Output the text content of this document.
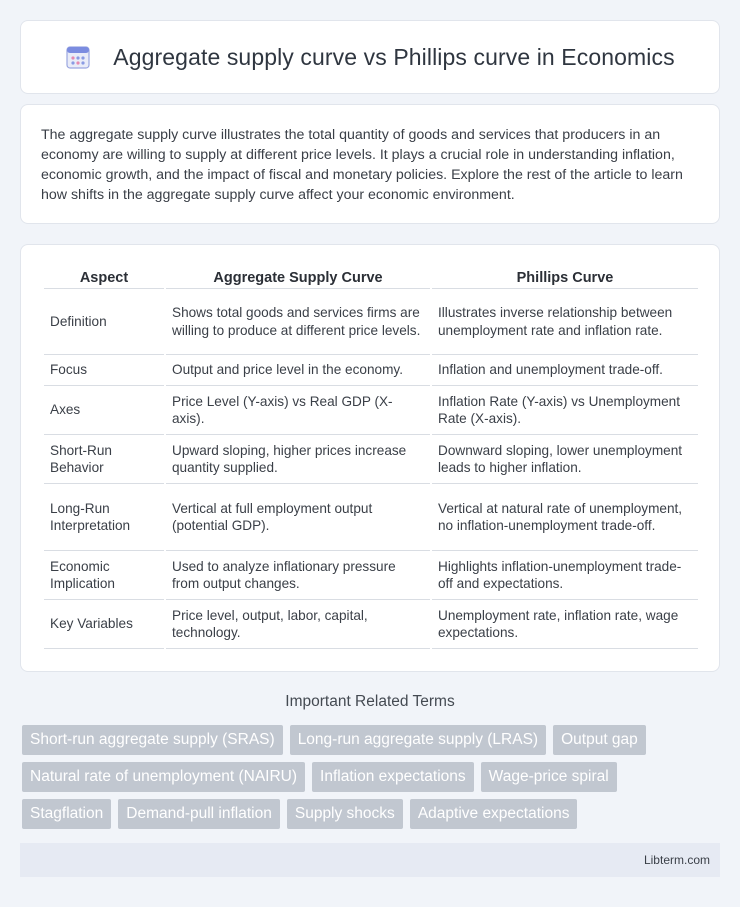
Aggregate supply curve vs Phillips curve in Economics

The aggregate supply curve illustrates the total quantity of goods and services that producers in an economy are willing to supply at different price levels. It plays a crucial role in understanding inflation, economic growth, and the impact of fiscal and monetary policies. Explore the rest of the article to learn how shifts in the aggregate supply curve affect your economic environment.

Aspect	Aggregate Supply Curve	Phillips Curve
Definition	Shows total goods and services firms are willing to produce at different price levels.	Illustrates inverse relationship between unemployment rate and inflation rate.
Focus	Output and price level in the economy.	Inflation and unemployment trade-off.
Axes	Price Level (Y-axis) vs Real GDP (X-axis).	Inflation Rate (Y-axis) vs Unemployment Rate (X-axis).
Short-Run Behavior	Upward sloping, higher prices increase quantity supplied.	Downward sloping, lower unemployment leads to higher inflation.
Long-Run Interpretation	Vertical at full employment output (potential GDP).	Vertical at natural rate of unemployment, no inflation-unemployment trade-off.
Economic Implication	Used to analyze inflationary pressure from output changes.	Highlights inflation-unemployment trade-off and expectations.
Key Variables	Price level, output, labor, capital, technology.	Unemployment rate, inflation rate, wage expectations.
Important Related Terms
Short-run aggregate supply (SRAS)	Long-run aggregate supply (LRAS)	Output gap
Natural rate of unemployment (NAIRU)	Inflation expectations	Wage-price spiral
Stagflation	Demand-pull inflation	Supply shocks	Adaptive expectations
Libterm.com
